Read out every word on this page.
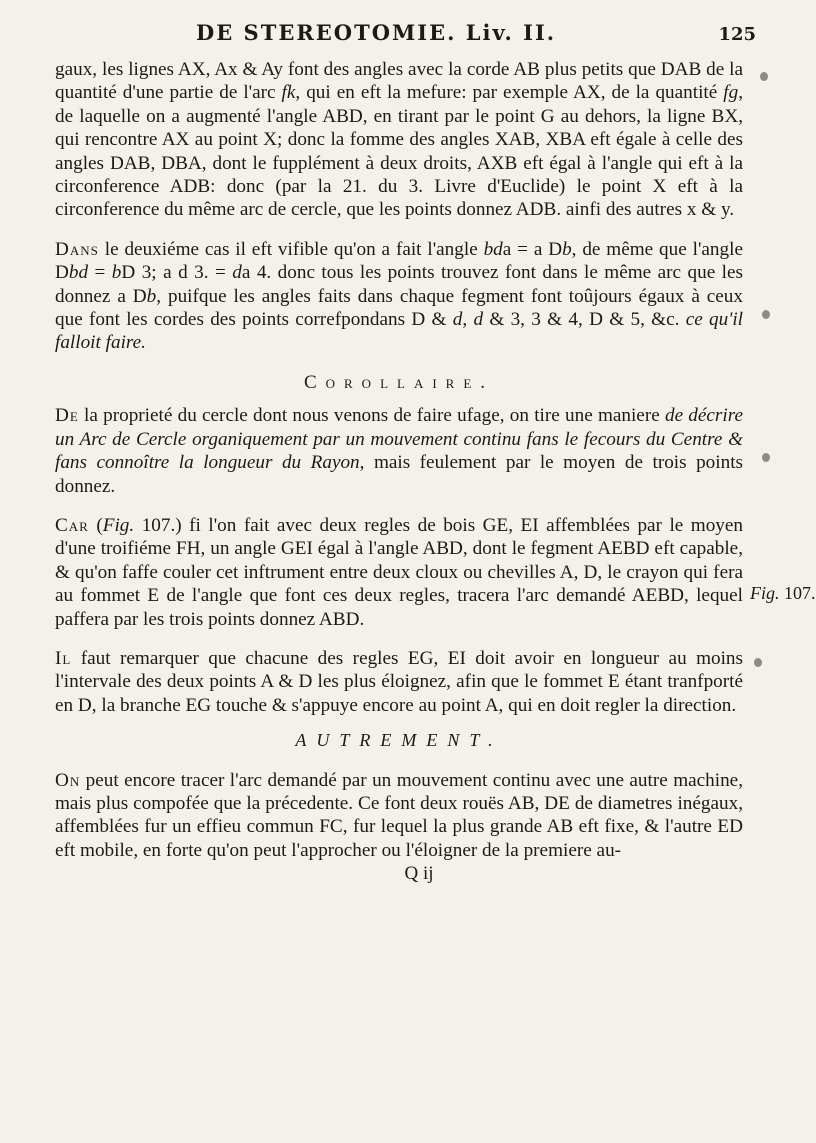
DE STEREOTOMIE. Liv. II.	125

gaux, les lignes AX, Ax & Ay font des angles avec la corde AB plus petits que DAB de la quantité d'une partie de l'arc fk, qui en eft la mefure: par exemple AX, de la quantité fg, de laquelle on a augmenté l'angle ABD, en tirant par le point G au dehors, la ligne BX, qui rencontre AX au point X; donc la fomme des angles XAB, XBA eft égale à celle des angles DAB, DBA, dont le fupplément à deux droits, AXB eft égal à l'angle qui eft à la circonference ADB: donc (par la 21. du 3. Livre d'Euclide) le point X eft à la circonference du même arc de cercle, que les points donnez ADB. ainfi des autres x & y.

Dans le deuxiéme cas il eft vifible qu'on a fait l'angle bda = a Db, de même que l'angle Dbd = bD 3; a d 3. = da 4. donc tous les points trouvez font dans le même arc que les donnez a Db, puifque les angles faits dans chaque fegment font toûjours égaux à ceux que font les cordes des points correfpondans D & d, d & 3, 3 & 4, D & 5, &c. ce qu'il falloit faire.

Corollaire.

De la proprieté du cercle dont nous venons de faire ufage, on tire une maniere de décrire un Arc de Cercle organiquement par un mouvement continu fans le fecours du Centre & fans connoître la longueur du Rayon, mais feulement par le moyen de trois points donnez.

Car (Fig. 107.) fi l'on fait avec deux regles de bois GE, EI affemblées par le moyen d'une troifiéme FH, un angle GEI égal à l'angle ABD, dont le fegment AEBD eft capable, & qu'on faffe couler cet inftrument entre deux cloux ou chevilles A, D, le crayon qui fera au fommet E de l'angle que font ces deux regles, tracera l'arc demandé AEBD, lequel paffera par les trois points donnez ABD.

Il faut remarquer que chacune des regles EG, EI doit avoir en longueur au moins l'intervale des deux points A & D les plus éloignez, afin que le fommet E étant tranfporté en D, la branche EG touche & s'appuye encore au point A, qui en doit regler la direction.

AUTREMENT.

On peut encore tracer l'arc demandé par un mouvement continu avec une autre machine, mais plus compofée que la précedente. Ce font deux rouës AB, DE de diametres inégaux, affemblées fur un effieu commun FC, fur lequel la plus grande AB eft fixe, & l'autre ED eft mobile, en forte qu'on peut l'approcher ou l'éloigner de la premiere au-

Q ij

Fig. 107.
